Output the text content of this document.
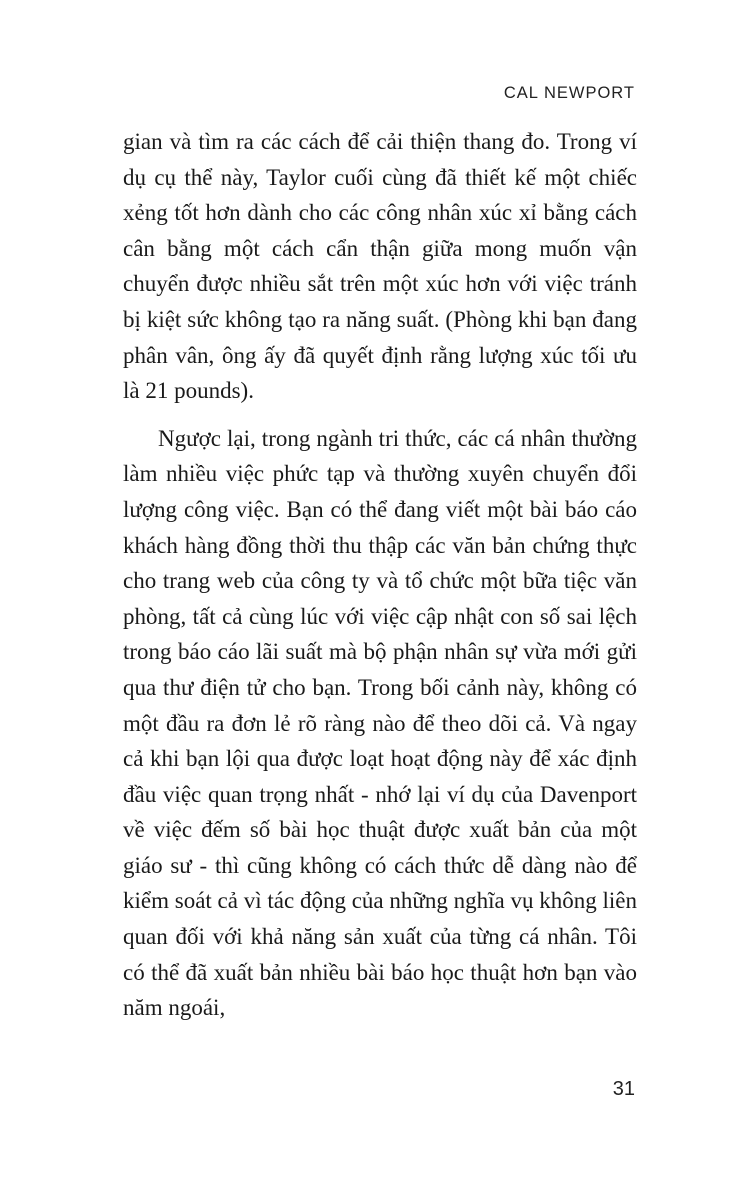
CAL NEWPORT

gian và tìm ra các cách để cải thiện thang đo. Trong ví dụ cụ thể này, Taylor cuối cùng đã thiết kế một chiếc xẻng tốt hơn dành cho các công nhân xúc xỉ bằng cách cân bằng một cách cẩn thận giữa mong muốn vận chuyển được nhiều sắt trên một xúc hơn với việc tránh bị kiệt sức không tạo ra năng suất. (Phòng khi bạn đang phân vân, ông ấy đã quyết định rằng lượng xúc tối ưu là 21 pounds).

Ngược lại, trong ngành tri thức, các cá nhân thường làm nhiều việc phức tạp và thường xuyên chuyển đổi lượng công việc. Bạn có thể đang viết một bài báo cáo khách hàng đồng thời thu thập các văn bản chứng thực cho trang web của công ty và tổ chức một bữa tiệc văn phòng, tất cả cùng lúc với việc cập nhật con số sai lệch trong báo cáo lãi suất mà bộ phận nhân sự vừa mới gửi qua thư điện tử cho bạn. Trong bối cảnh này, không có một đầu ra đơn lẻ rõ ràng nào để theo dõi cả. Và ngay cả khi bạn lội qua được loạt hoạt động này để xác định đầu việc quan trọng nhất - nhớ lại ví dụ của Davenport về việc đếm số bài học thuật được xuất bản của một giáo sư - thì cũng không có cách thức dễ dàng nào để kiểm soát cả vì tác động của những nghĩa vụ không liên quan đối với khả năng sản xuất của từng cá nhân. Tôi có thể đã xuất bản nhiều bài báo học thuật hơn bạn vào năm ngoái,

31
